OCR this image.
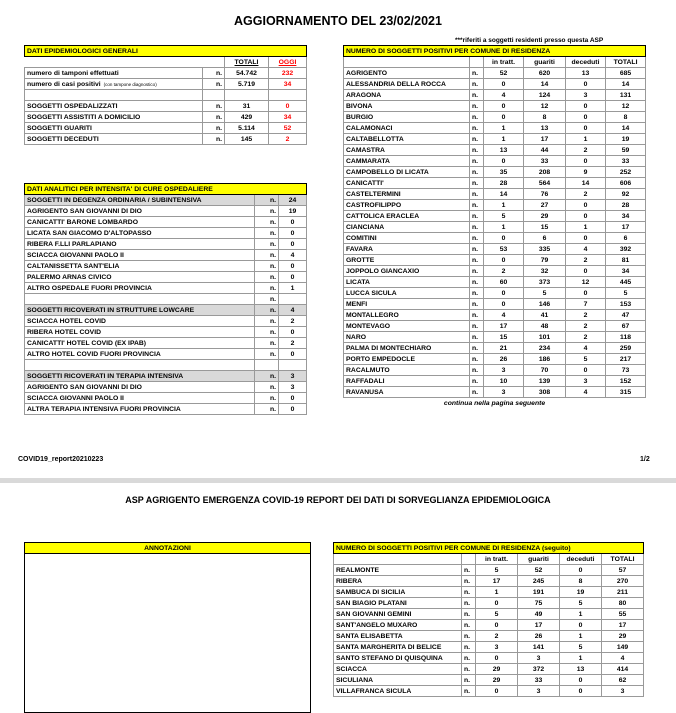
AGGIORNAMENTO DEL 23/02/2021
***riferiti a soggetti residenti presso questa ASP
DATI EPIDEMIOLOGICI GENERALI			
		TOTALI	OGGI
numero di tamponi effettuati	n.	54.742	232
numero di casi positivi (con tampone diagnostico)	n.	5.719	34

SOGGETTI OSPEDALIZZATI	n.	31	0
SOGGETTI ASSISTITI A DOMICILIO	n.	429	34
SOGGETTI GUARITI	n.	5.114	52
SOGGETTI DECEDUTI	n.	145	2
DATI ANALITICI PER INTENSITA' DI CURE OSPEDALIERE		
SOGGETTI IN DEGENZA ORDINARIA / SUBINTENSIVA	n.	24
AGRIGENTO SAN GIOVANNI DI DIO	n.	19
CANICATTI' BARONE LOMBARDO	n.	0
LICATA SAN GIACOMO D'ALTOPASSO	n.	0
RIBERA F.LLI PARLAPIANO	n.	0
SCIACCA GIOVANNI PAOLO II	n.	4
CALTANISSETTA SANT'ELIA	n.	0
PALERMO ARNAS CIVICO	n.	0
ALTRO OSPEDALE FUORI PROVINCIA	n.	1
	n.	
SOGGETTI RICOVERATI IN STRUTTURE LOWCARE	n.	4
SCIACCA HOTEL COVID	n.	2
RIBERA HOTEL COVID	n.	0
CANICATTI' HOTEL COVID (EX IPAB)	n.	2
ALTRO HOTEL COVID FUORI PROVINCIA	n.	0

SOGGETTI RICOVERATI IN TERAPIA INTENSIVA	n.	3
AGRIGENTO SAN GIOVANNI DI DIO	n.	3
SCIACCA GIOVANNI PAOLO II	n.	0
ALTRA TERAPIA INTENSIVA FUORI PROVINCIA	n.	0
NUMERO DI SOGGETTI POSITIVI PER COMUNE DI RESIDENZA					
		in tratt.	guariti	deceduti	TOTALI
AGRIGENTO	n.	52	620	13	685
ALESSANDRIA DELLA ROCCA	n.	0	14	0	14
ARAGONA	n.	4	124	3	131
BIVONA	n.	0	12	0	12
BURGIO	n.	0	8	0	8
CALAMONACI	n.	1	13	0	14
CALTABELLOTTA	n.	1	17	1	19
CAMASTRA	n.	13	44	2	59
CAMMARATA	n.	0	33	0	33
CAMPOBELLO DI LICATA	n.	35	208	9	252
CANICATTI'	n.	28	564	14	606
CASTELTERMINI	n.	14	76	2	92
CASTROFILIPPO	n.	1	27	0	28
CATTOLICA ERACLEA	n.	5	29	0	34
CIANCIANA	n.	1	15	1	17
COMITINI	n.	0	6	0	6
FAVARA	n.	53	335	4	392
GROTTE	n.	0	79	2	81
JOPPOLO GIANCAXIO	n.	2	32	0	34
LICATA	n.	60	373	12	445
LUCCA SICULA	n.	0	5	0	5
MENFI	n.	0	146	7	153
MONTALLEGRO	n.	4	41	2	47
MONTEVAGO	n.	17	48	2	67
NARO	n.	15	101	2	118
PALMA DI MONTECHIARO	n.	21	234	4	259
PORTO EMPEDOCLE	n.	26	186	5	217
RACALMUTO	n.	3	70	0	73
RAFFADALI	n.	10	139	3	152
RAVANUSA	n.	3	308	4	315
continua nella pagina seguente					
COVID19_report20210223	1/2
ASP AGRIGENTO EMERGENZA COVID-19 REPORT DEI DATI DI SORVEGLIANZA EPIDEMIOLOGICA
ANNOTAZIONI	NUMERO DI SOGGETTI POSITIVI PER COMUNE DI RESIDENZA (seguito)					
		in tratt.	guariti	deceduti	TOTALI
REALMONTE	n.	5	52	0	57
RIBERA	n.	17	245	8	270
SAMBUCA DI SICILIA	n.	1	191	19	211
SAN BIAGIO PLATANI	n.	0	75	5	80
SAN GIOVANNI GEMINI	n.	5	49	1	55
SANT'ANGELO MUXARO	n.	0	17	0	17
SANTA ELISABETTA	n.	2	26	1	29
SANTA MARGHERITA DI BELICE	n.	3	141	5	149
SANTO STEFANO DI QUISQUINA	n.	0	3	1	4
SCIACCA	n.	29	372	13	414
SICULIANA	n.	29	33	0	62
VILLAFRANCA SICULA	n.	0	3	0	3
